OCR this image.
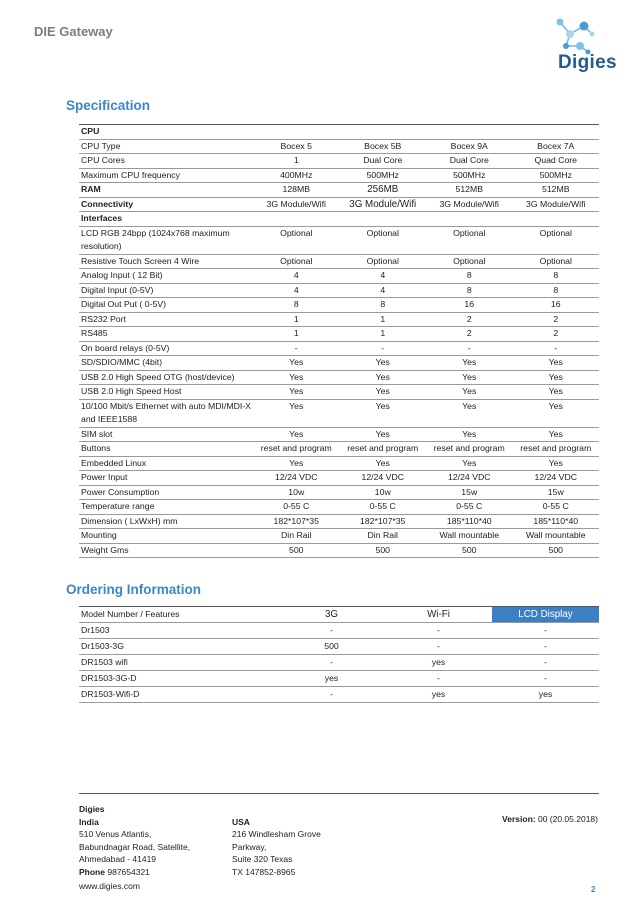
DIE Gateway
Digies
Specification
CPU				
CPU Type	Bocex 5	Bocex 5B	Bocex 9A	Bocex 7A
CPU Cores	1	Dual Core	Dual Core	Quad Core
Maximum CPU frequency	400MHz	500MHz	500MHz	500MHz
RAM	128MB	256MB	512MB	512MB
Connectivity	3G Module/Wifi	3G Module/Wifi	3G Module/Wifi	3G Module/Wifi
Interfaces				
LCD RGB 24bpp (1024x768 maximum resolution)	Optional	Optional	Optional	Optional
Resistive Touch Screen 4 Wire	Optional	Optional	Optional	Optional
Analog Input ( 12 Bit)	4	4	8	8
Digital Input (0-5V)	4	4	8	8
Digital Out Put ( 0-5V)	8	8	16	16
RS232 Port	1	1	2	2
RS485	1	1	2	2
On board relays (0-5V)	-	-	-	-
SD/SDIO/MMC (4bit)	Yes	Yes	Yes	Yes
USB 2.0 High Speed OTG (host/device)	Yes	Yes	Yes	Yes
USB 2.0 High Speed Host	Yes	Yes	Yes	Yes
10/100 Mbit/s Ethernet with auto MDI/MDI-X and IEEE1588	Yes	Yes	Yes	Yes
SIM slot	Yes	Yes	Yes	Yes
Buttons	reset and program	reset and program	reset and program	reset and program
Embedded Linux	Yes	Yes	Yes	Yes
Power Input	12/24 VDC	12/24 VDC	12/24 VDC	12/24 VDC
Power Consumption	10w	10w	15w	15w
Temperature range	0-55 C	0-55 C	0-55 C	0-55 C
Dimension ( LxWxH) mm	182*107*35	182*107*35	185*110*40	185*110*40
Mounting	Din Rail	Din Rail	Wall mountable	Wall mountable
Weight Gms	500	500	500	500
Ordering Information
Model Number / Features	3G	Wi-Fi	LCD Display
Dr1503	-	-	-
Dr1503-3G	500	-	-
DR1503 wifi	-	yes	-
DR1503-3G-D	yes	-	-
DR1503-Wifi-D	-	yes	yes
Digies
India
510 Venus Atlantis,
Babundnagar Road, Satellite,
Ahmedabad - 41419
Phone 987654321
USA
216 Windlesham Grove
Parkway,
Suite 320 Texas
TX 147852-8965
Version: 00 (20.05.2018)
www.digies.com	2
